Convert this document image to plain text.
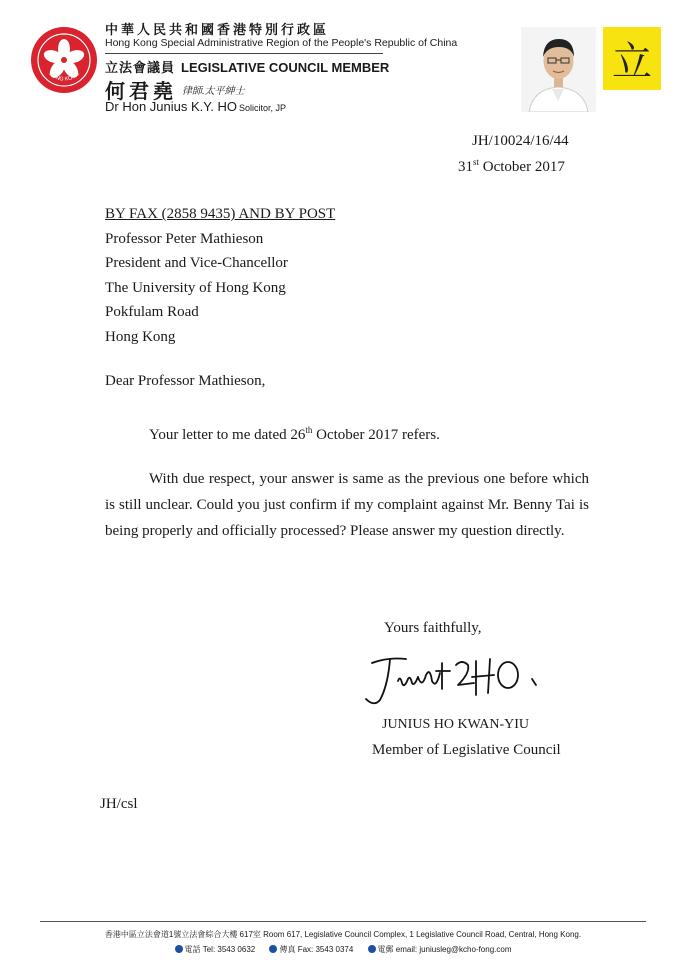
HONG KONG
中華人民共和國香港特別行政區
Hong Kong Special Administrative Region of the People's Republic of China
立法會議員 LEGISLATIVE COUNCIL MEMBER
何君堯 律師.太平紳士
Dr Hon Junius K.Y. HO Solicitor, JP
立
JH/10024/16/44
31st October 2017
BY FAX (2858 9435) AND BY POST
Professor Peter Mathieson
President and Vice-Chancellor
The University of Hong Kong
Pokfulam Road
Hong Kong
Dear Professor Mathieson,
Your letter to me dated 26th October 2017 refers.
With due respect, your answer is same as the previous one before which is still unclear. Could you just confirm if my complaint against Mr. Benny Tai is being properly and officially processed? Please answer my question directly.
Yours faithfully,
JUNIUS HO KWAN-YIU
Member of Legislative Council
JH/csl
香港中區立法會道1號立法會綜合大樓 617室 Room 617, Legislative Council Complex, 1 Legislative Council Road, Central, Hong Kong.
電話 Tel: 3543 0632	傳真 Fax: 3543 0374	電郵 email: juniusleg@kcho-fong.com
